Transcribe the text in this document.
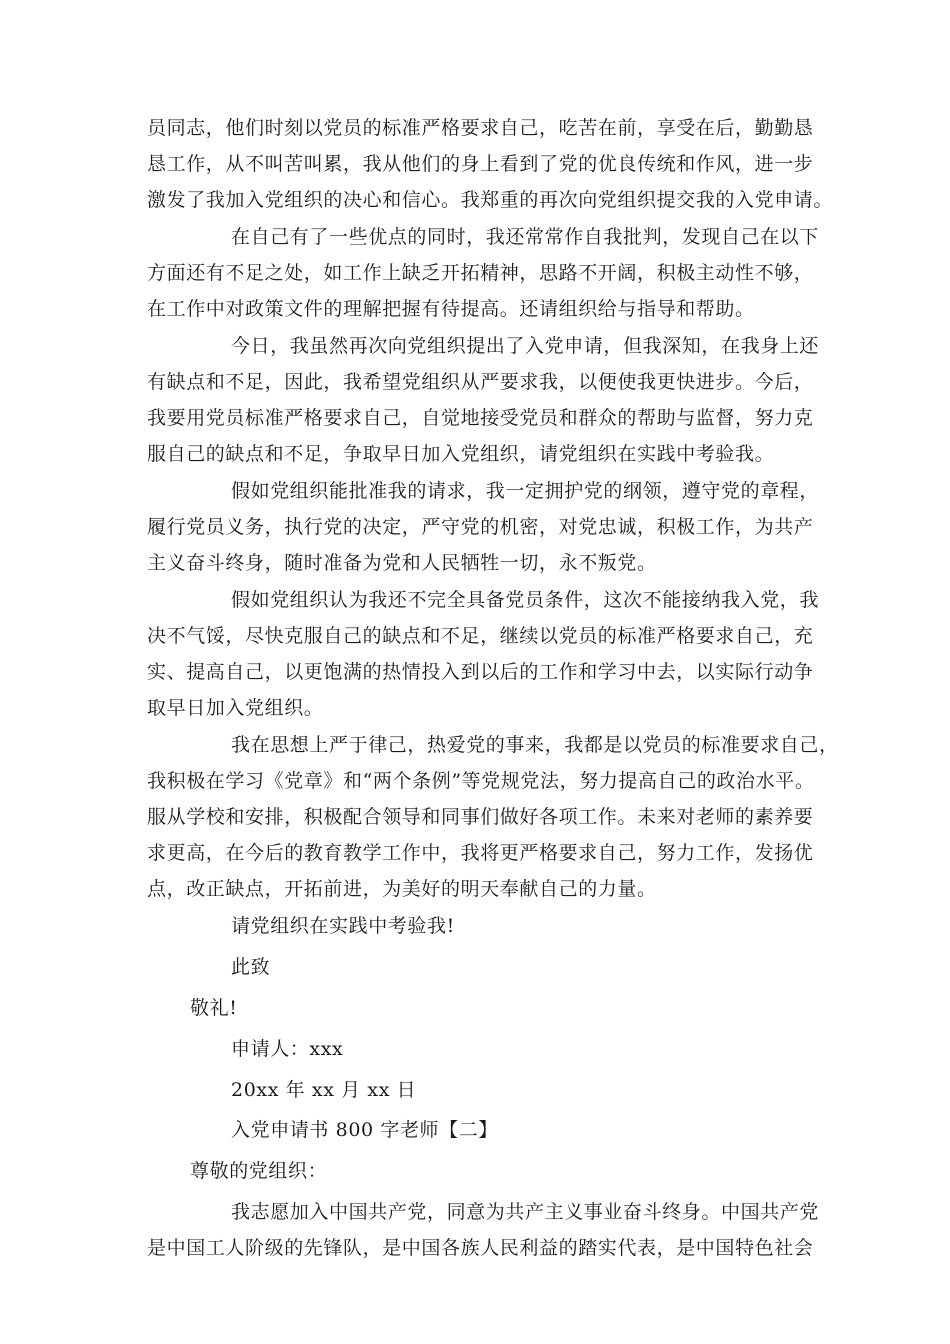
员同志，他们时刻以党员的标准严格要求自己，吃苦在前，享受在后，勤勤恳
恳工作，从不叫苦叫累，我从他们的身上看到了党的优良传统和作风，进一步
激发了我加入党组织的决心和信心。我郑重的再次向党组织提交我的入党申请。
在自己有了一些优点的同时，我还常常作自我批判，发现自己在以下
方面还有不足之处，如工作上缺乏开拓精神，思路不开阔，积极主动性不够，
在工作中对政策文件的理解把握有待提高。还请组织给与指导和帮助。
今日，我虽然再次向党组织提出了入党申请，但我深知，在我身上还
有缺点和不足，因此，我希望党组织从严要求我，以便使我更快进步。今后，
我要用党员标准严格要求自己，自觉地接受党员和群众的帮助与监督，努力克
服自己的缺点和不足，争取早日加入党组织，请党组织在实践中考验我。
假如党组织能批准我的请求，我一定拥护党的纲领，遵守党的章程，
履行党员义务，执行党的决定，严守党的机密，对党忠诚，积极工作，为共产
主义奋斗终身，随时准备为党和人民牺牲一切，永不叛党。
假如党组织认为我还不完全具备党员条件，这次不能接纳我入党，我
决不气馁，尽快克服自己的缺点和不足，继续以党员的标准严格要求自己，充
实、提高自己，以更饱满的热情投入到以后的工作和学习中去，以实际行动争
取早日加入党组织。
我在思想上严于律己，热爱党的事来，我都是以党员的标准要求自己，
我积极在学习《党章》和“两个条例”等党规党法，努力提高自己的政治水平。
服从学校和安排，积极配合领导和同事们做好各项工作。未来对老师的素养要
求更高，在今后的教育教学工作中，我将更严格要求自己，努力工作，发扬优
点，改正缺点，开拓前进，为美好的明天奉献自己的力量。
请党组织在实践中考验我!
此致
敬礼!
申请人：xxx
20xx 年 xx 月 xx 日
入党申请书 800 字老师【二】
尊敬的党组织：
我志愿加入中国共产党，同意为共产主义事业奋斗终身。中国共产党
是中国工人阶级的先锋队，是中国各族人民利益的踏实代表，是中国特色社会
